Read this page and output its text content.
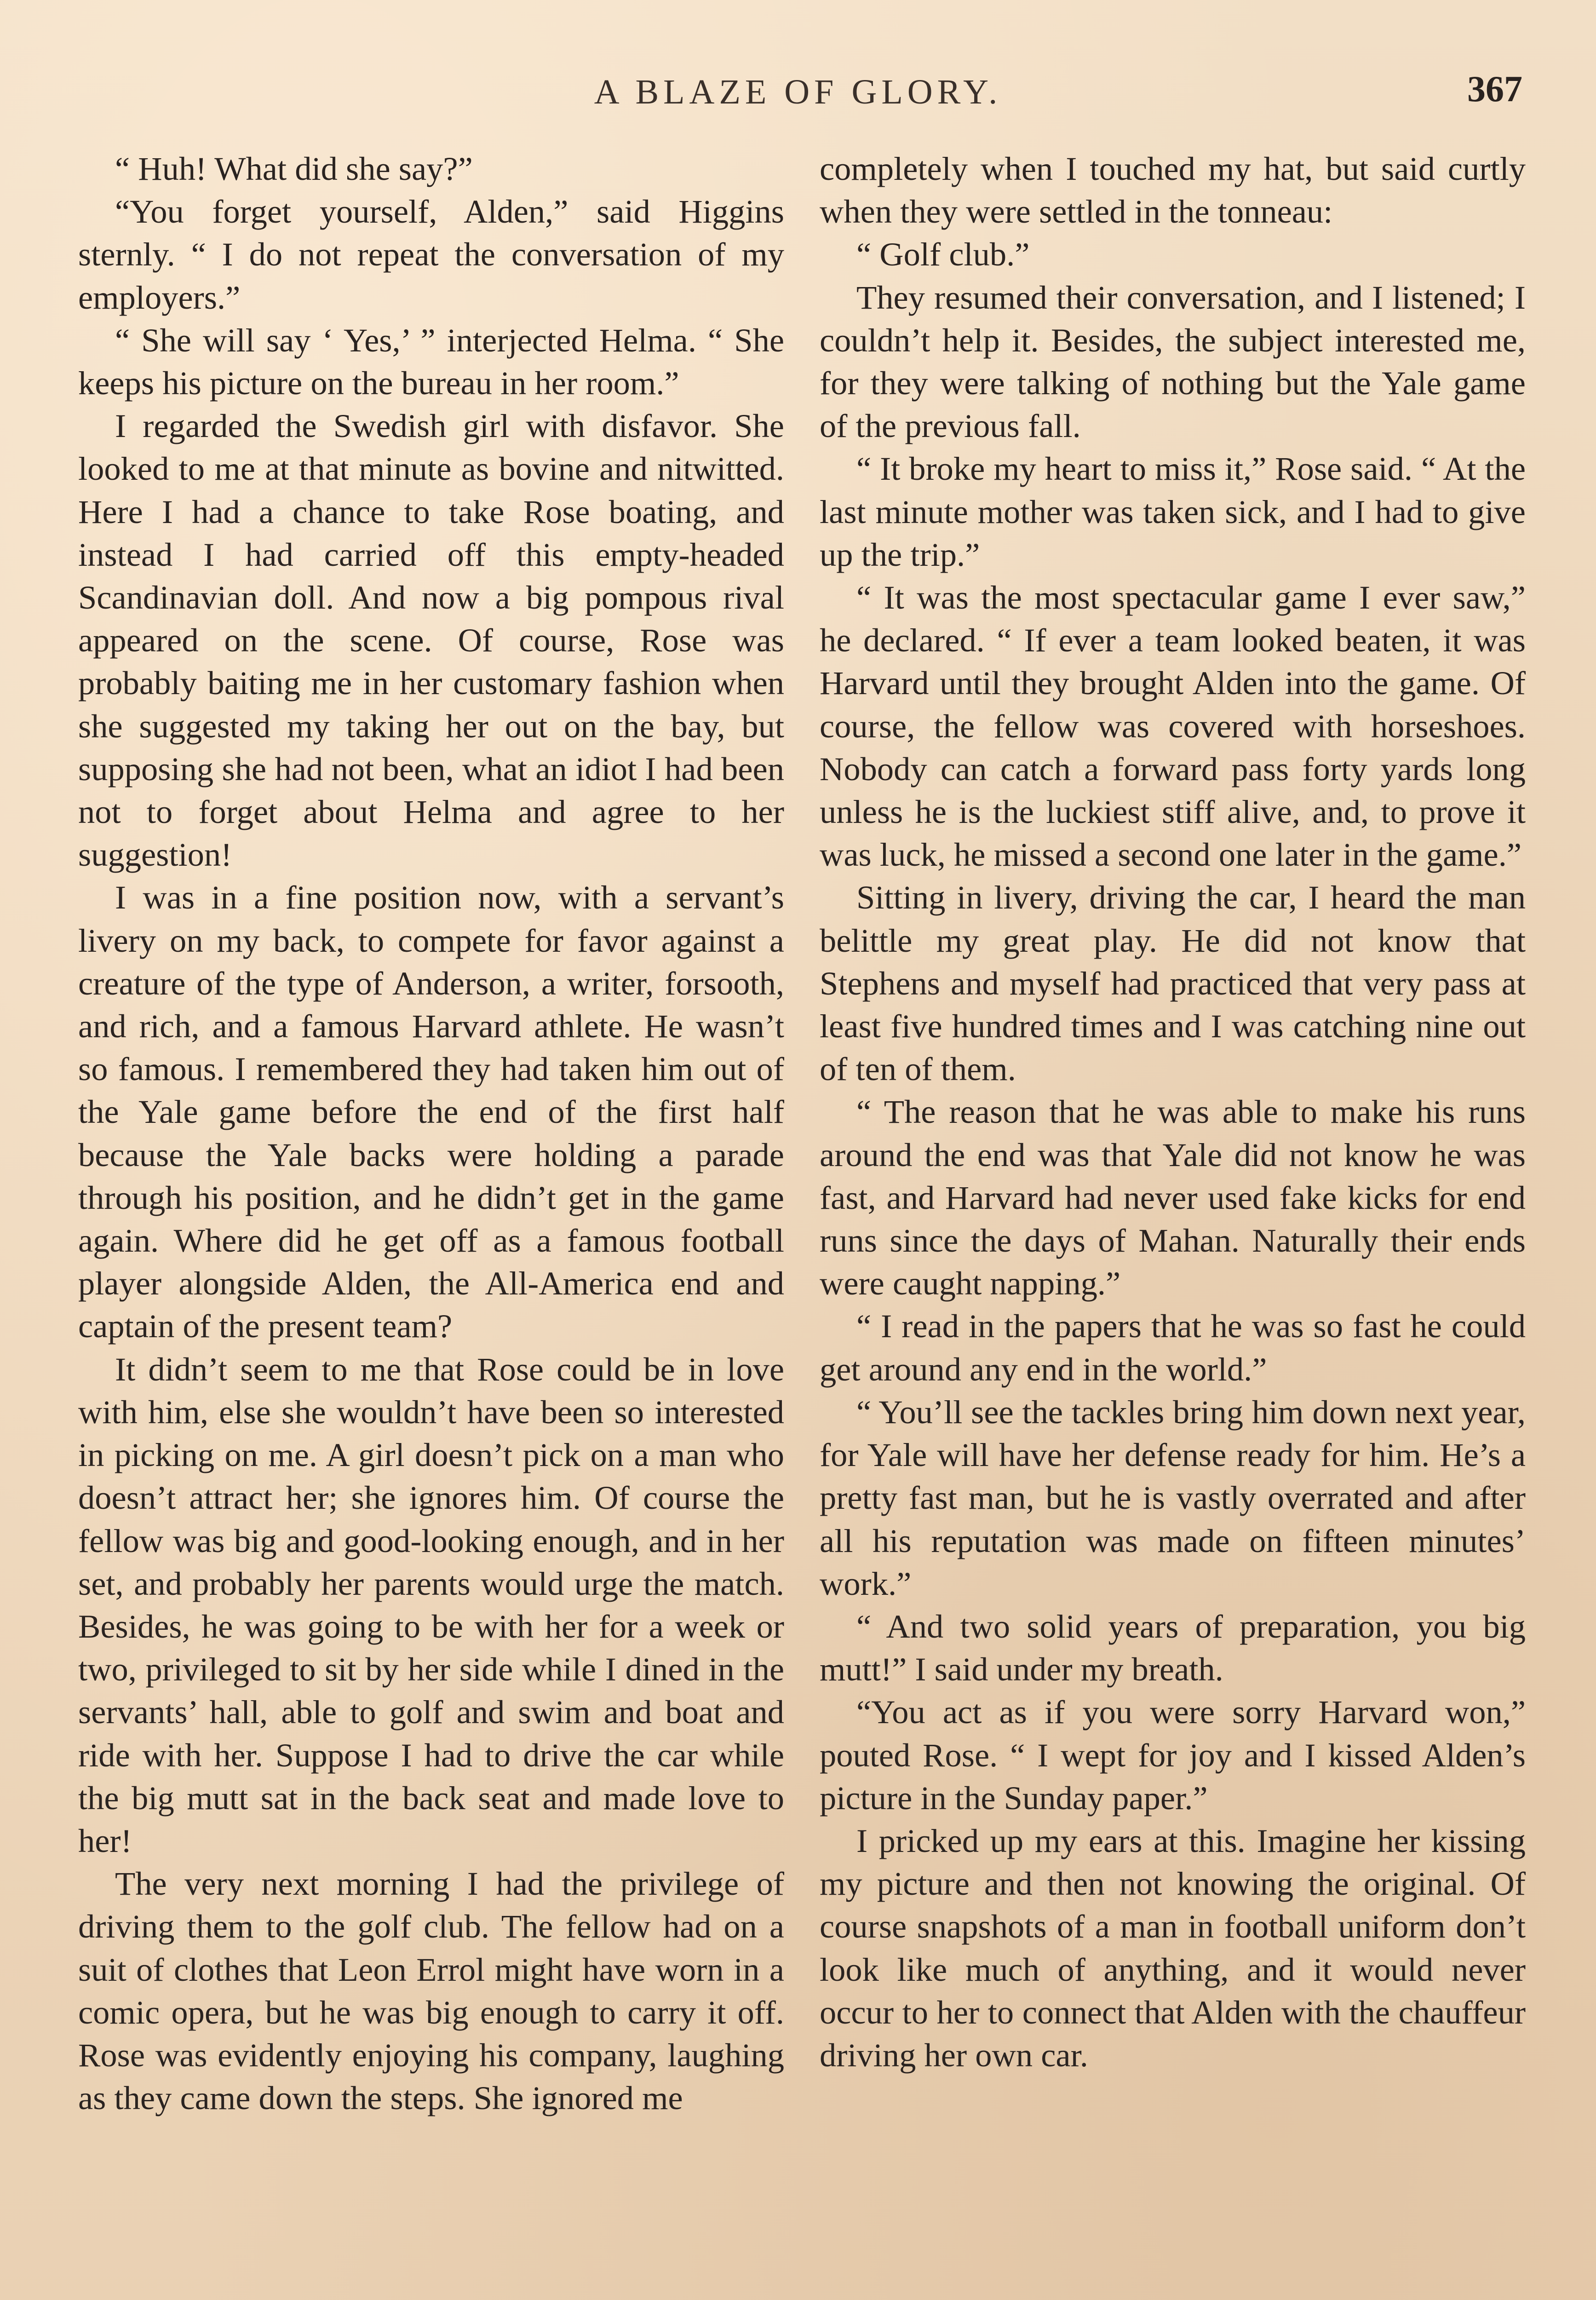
A BLAZE OF GLORY.	367

“ Huh! What did she say?”

“You forget yourself, Alden,” said Higgins sternly. “ I do not repeat the conversation of my employers.”

“ She will say ‘ Yes,’ ” interjected Helma. “ She keeps his picture on the bureau in her room.”

I regarded the Swedish girl with disfavor. She looked to me at that minute as bovine and nitwitted. Here I had a chance to take Rose boating, and instead I had carried off this empty-headed Scandinavian doll. And now a big pompous rival appeared on the scene. Of course, Rose was probably baiting me in her customary fashion when she suggested my taking her out on the bay, but supposing she had not been, what an idiot I had been not to forget about Helma and agree to her suggestion!

I was in a fine position now, with a servant’s livery on my back, to compete for favor against a creature of the type of Anderson, a writer, forsooth, and rich, and a famous Harvard athlete. He wasn’t so famous. I remembered they had taken him out of the Yale game before the end of the first half because the Yale backs were holding a parade through his position, and he didn’t get in the game again. Where did he get off as a famous football player alongside Alden, the All-America end and captain of the present team?

It didn’t seem to me that Rose could be in love with him, else she wouldn’t have been so interested in picking on me. A girl doesn’t pick on a man who doesn’t attract her; she ignores him. Of course the fellow was big and good-looking enough, and in her set, and probably her parents would urge the match. Besides, he was going to be with her for a week or two, privileged to sit by her side while I dined in the servants’ hall, able to golf and swim and boat and ride with her. Suppose I had to drive the car while the big mutt sat in the back seat and made love to her!

The very next morning I had the privilege of driving them to the golf club. The fellow had on a suit of clothes that Leon Errol might have worn in a comic opera, but he was big enough to carry it off. Rose was evidently enjoying his company, laughing as they came down the steps. She ignored me

completely when I touched my hat, but said curtly when they were settled in the tonneau:

“ Golf club.”

They resumed their conversation, and I listened; I couldn’t help it. Besides, the subject interested me, for they were talking of nothing but the Yale game of the previous fall.

“ It broke my heart to miss it,” Rose said. “ At the last minute mother was taken sick, and I had to give up the trip.”

“ It was the most spectacular game I ever saw,” he declared. “ If ever a team looked beaten, it was Harvard until they brought Alden into the game. Of course, the fellow was covered with horseshoes. Nobody can catch a forward pass forty yards long unless he is the luckiest stiff alive, and, to prove it was luck, he missed a second one later in the game.”

Sitting in livery, driving the car, I heard the man belittle my great play. He did not know that Stephens and myself had practiced that very pass at least five hundred times and I was catching nine out of ten of them.

“ The reason that he was able to make his runs around the end was that Yale did not know he was fast, and Harvard had never used fake kicks for end runs since the days of Mahan. Naturally their ends were caught napping.”

“ I read in the papers that he was so fast he could get around any end in the world.”

“ You’ll see the tackles bring him down next year, for Yale will have her defense ready for him. He’s a pretty fast man, but he is vastly overrated and after all his reputation was made on fifteen minutes’ work.”

“ And two solid years of preparation, you big mutt!” I said under my breath.

“You act as if you were sorry Harvard won,” pouted Rose. “ I wept for joy and I kissed Alden’s picture in the Sunday paper.”

I pricked up my ears at this. Imagine her kissing my picture and then not knowing the original. Of course snapshots of a man in football uniform don’t look like much of anything, and it would never occur to her to connect that Alden with the chauffeur driving her own car.
